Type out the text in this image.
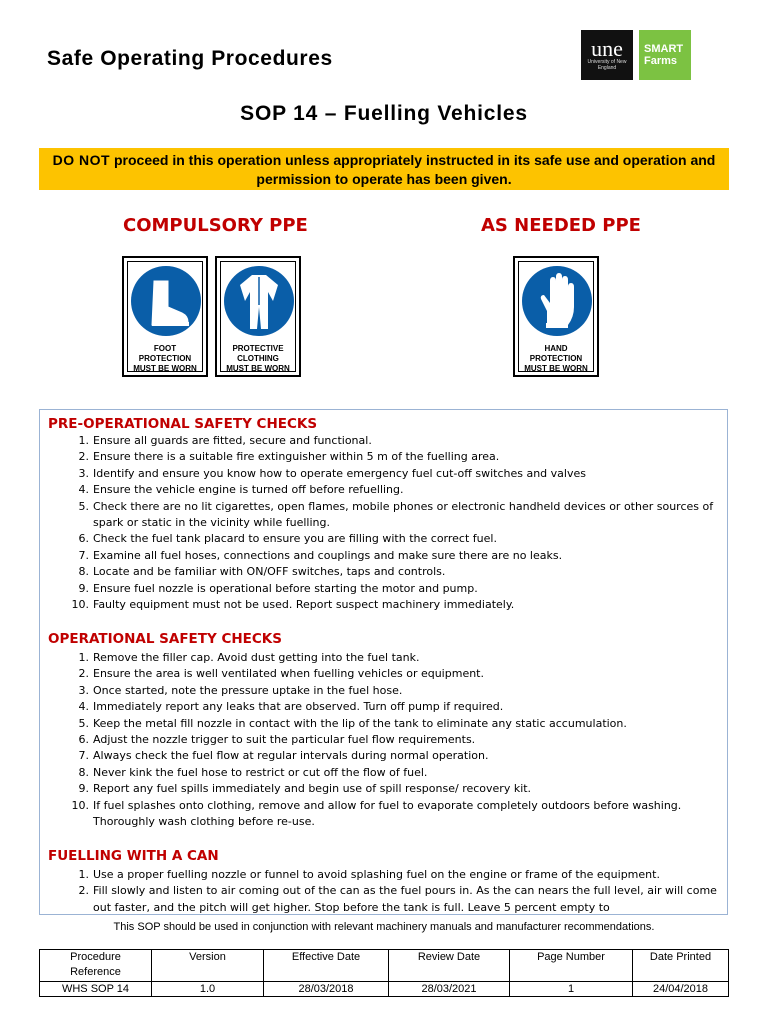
Safe Operating Procedures	une
University of New England
SMART
Farms
SOP 14 – Fuelling Vehicles
DO NOT proceed in this operation unless appropriately instructed in its safe use and operation and permission to operate has been given.
COMPULSORY PPE	AS NEEDED PPE
FOOT
PROTECTION
MUST BE WORN
PROTECTIVE
CLOTHING
MUST BE WORN
HAND
PROTECTION
MUST BE WORN
PRE-OPERATIONAL SAFETY CHECKS
1. Ensure all guards are fitted, secure and functional.
2. Ensure there is a suitable fire extinguisher within 5 m of the fuelling area.
3. Identify and ensure you know how to operate emergency fuel cut-off switches and valves
4. Ensure the vehicle engine is turned off before refuelling.
5. Check there are no lit cigarettes, open flames, mobile phones or electronic handheld devices or other sources of spark or static in the vicinity while fuelling.
6. Check the fuel tank placard to ensure you are filling with the correct fuel.
7. Examine all fuel hoses, connections and couplings and make sure there are no leaks.
8. Locate and be familiar with ON/OFF switches, taps and controls.
9. Ensure fuel nozzle is operational before starting the motor and pump.
10. Faulty equipment must not be used. Report suspect machinery immediately.
OPERATIONAL SAFETY CHECKS
1. Remove the filler cap. Avoid dust getting into the fuel tank.
2. Ensure the area is well ventilated when fuelling vehicles or equipment.
3. Once started, note the pressure uptake in the fuel hose.
4. Immediately report any leaks that are observed. Turn off pump if required.
5. Keep the metal fill nozzle in contact with the lip of the tank to eliminate any static accumulation.
6. Adjust the nozzle trigger to suit the particular fuel flow requirements.
7. Always check the fuel flow at regular intervals during normal operation.
8. Never kink the fuel hose to restrict or cut off the flow of fuel.
9. Report any fuel spills immediately and begin use of spill response/ recovery kit.
10. If fuel splashes onto clothing, remove and allow for fuel to evaporate completely outdoors before washing. Thoroughly wash clothing before re-use.
FUELLING WITH A CAN
1. Use a proper fuelling nozzle or funnel to avoid splashing fuel on the engine or frame of the equipment.
2. Fill slowly and listen to air coming out of the can as the fuel pours in. As the can nears the full level, air will come out faster, and the pitch will get higher. Stop before the tank is full. Leave 5 percent empty to
This SOP should be used in conjunction with relevant machinery manuals and manufacturer recommendations.
Procedure Reference	Version	Effective Date	Review Date	Page Number	Date Printed
WHS SOP 14	1.0	28/03/2018	28/03/2021	1	24/04/2018
